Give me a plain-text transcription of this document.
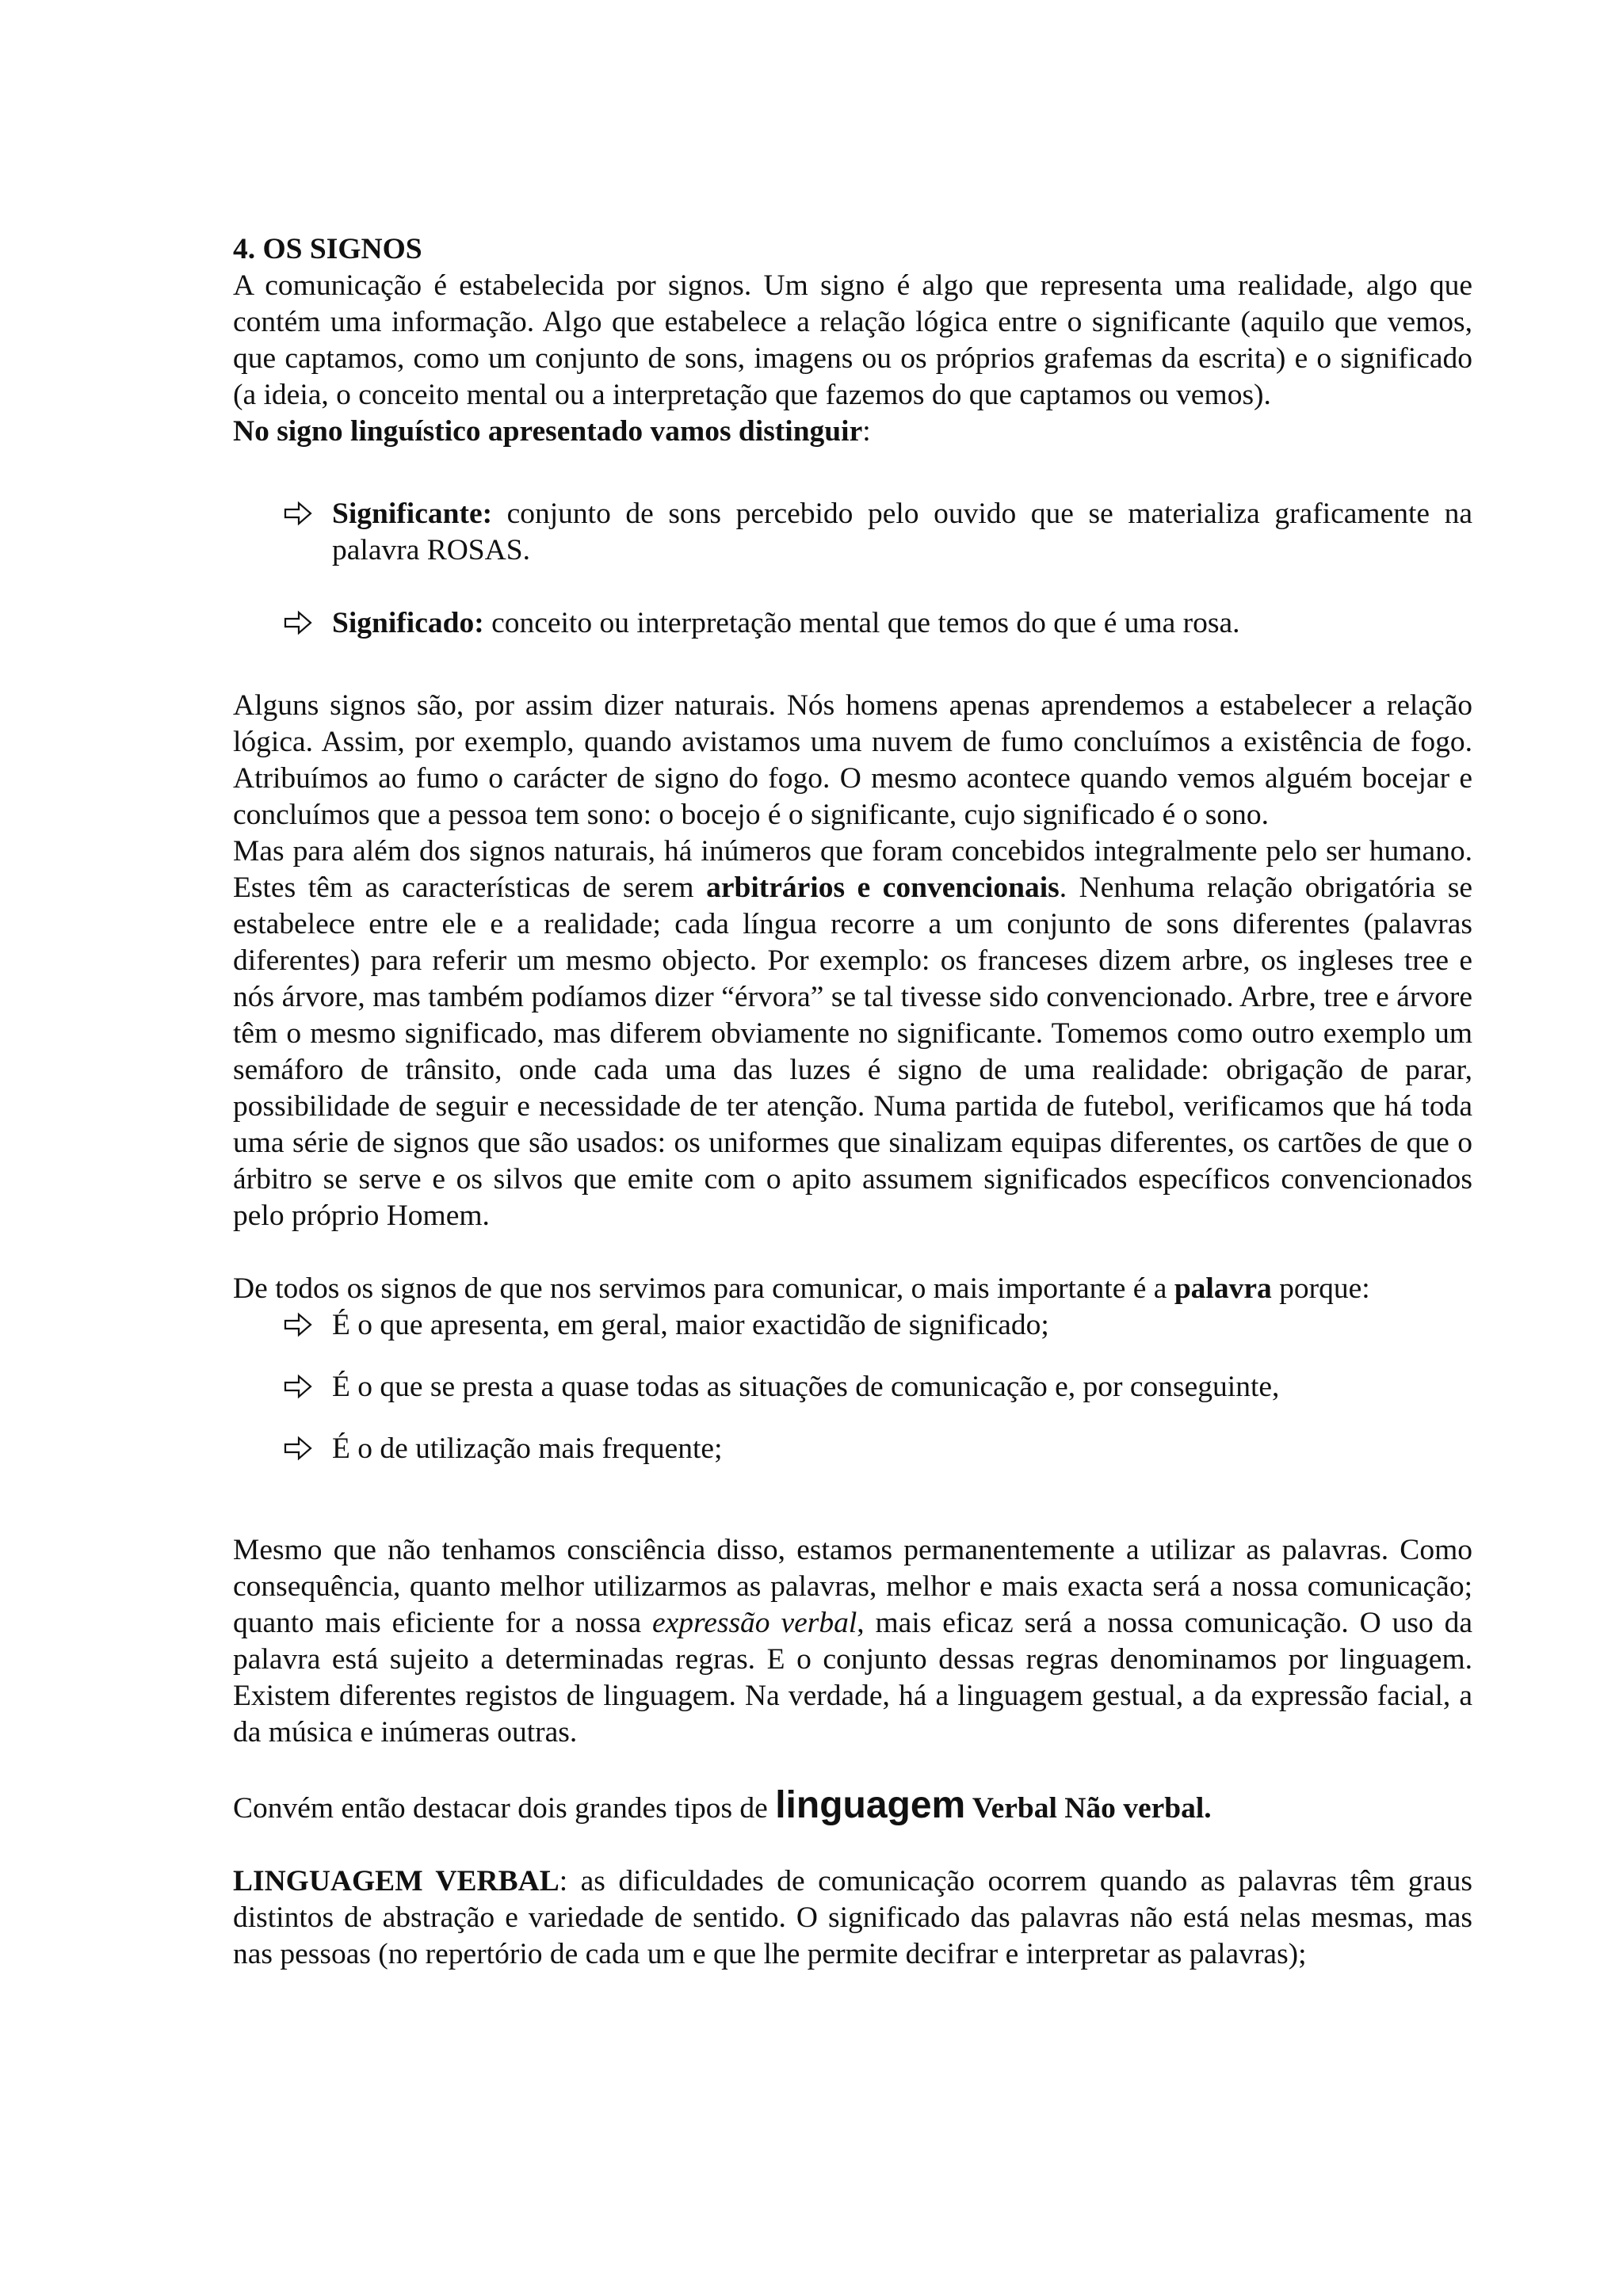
4. OS SIGNOS

A comunicação é estabelecida por signos. Um signo é algo que representa uma realidade, algo que contém uma informação. Algo que estabelece a relação lógica entre o significante (aquilo que vemos, que captamos, como um conjunto de sons, imagens ou os próprios grafemas da escrita) e o significado (a ideia, o conceito mental ou a interpretação que fazemos do que captamos ou vemos).

No signo linguístico apresentado vamos distinguir:

Significante: conjunto de sons percebido pelo ouvido que se materializa graficamente na palavra ROSAS.
Significado: conceito ou interpretação mental que temos do que é uma rosa.

Alguns signos são, por assim dizer naturais. Nós homens apenas aprendemos a estabelecer a relação lógica. Assim, por exemplo, quando avistamos uma nuvem de fumo concluímos a existência de fogo. Atribuímos ao fumo o carácter de signo do fogo. O mesmo acontece quando vemos alguém bocejar e concluímos que a pessoa tem sono: o bocejo é o significante, cujo significado é o sono.

Mas para além dos signos naturais, há inúmeros que foram concebidos integralmente pelo ser humano. Estes têm as características de serem arbitrários e convencionais. Nenhuma relação obrigatória se estabelece entre ele e a realidade; cada língua recorre a um conjunto de sons diferentes (palavras diferentes) para referir um mesmo objecto. Por exemplo: os franceses dizem arbre, os ingleses tree e nós árvore, mas também podíamos dizer “érvora” se tal tivesse sido convencionado. Arbre, tree e árvore têm o mesmo significado, mas diferem obviamente no significante. Tomemos como outro exemplo um semáforo de trânsito, onde cada uma das luzes é signo de uma realidade: obrigação de parar, possibilidade de seguir e necessidade de ter atenção. Numa partida de futebol, verificamos que há toda uma série de signos que são usados: os uniformes que sinalizam equipas diferentes, os cartões de que o árbitro se serve e os silvos que emite com o apito assumem significados específicos convencionados pelo próprio Homem.

De todos os signos de que nos servimos para comunicar, o mais importante é a palavra porque:

É o que apresenta, em geral, maior exactidão de significado;
É o que se presta a quase todas as situações de comunicação e, por conseguinte,
É o de utilização mais frequente;

Mesmo que não tenhamos consciência disso, estamos permanentemente a utilizar as palavras. Como consequência, quanto melhor utilizarmos as palavras, melhor e mais exacta será a nossa comunicação; quanto mais eficiente for a nossa expressão verbal, mais eficaz será a nossa comunicação. O uso da palavra está sujeito a determinadas regras. E o conjunto dessas regras denominamos por linguagem. Existem diferentes registos de linguagem. Na verdade, há a linguagem gestual, a da expressão facial, a da música e inúmeras outras.

Convém então destacar dois grandes tipos de linguagem Verbal Não verbal.

LINGUAGEM VERBAL: as dificuldades de comunicação ocorrem quando as palavras têm graus distintos de abstração e variedade de sentido. O significado das palavras não está nelas mesmas, mas nas pessoas (no repertório de cada um e que lhe permite decifrar e interpretar as palavras);
